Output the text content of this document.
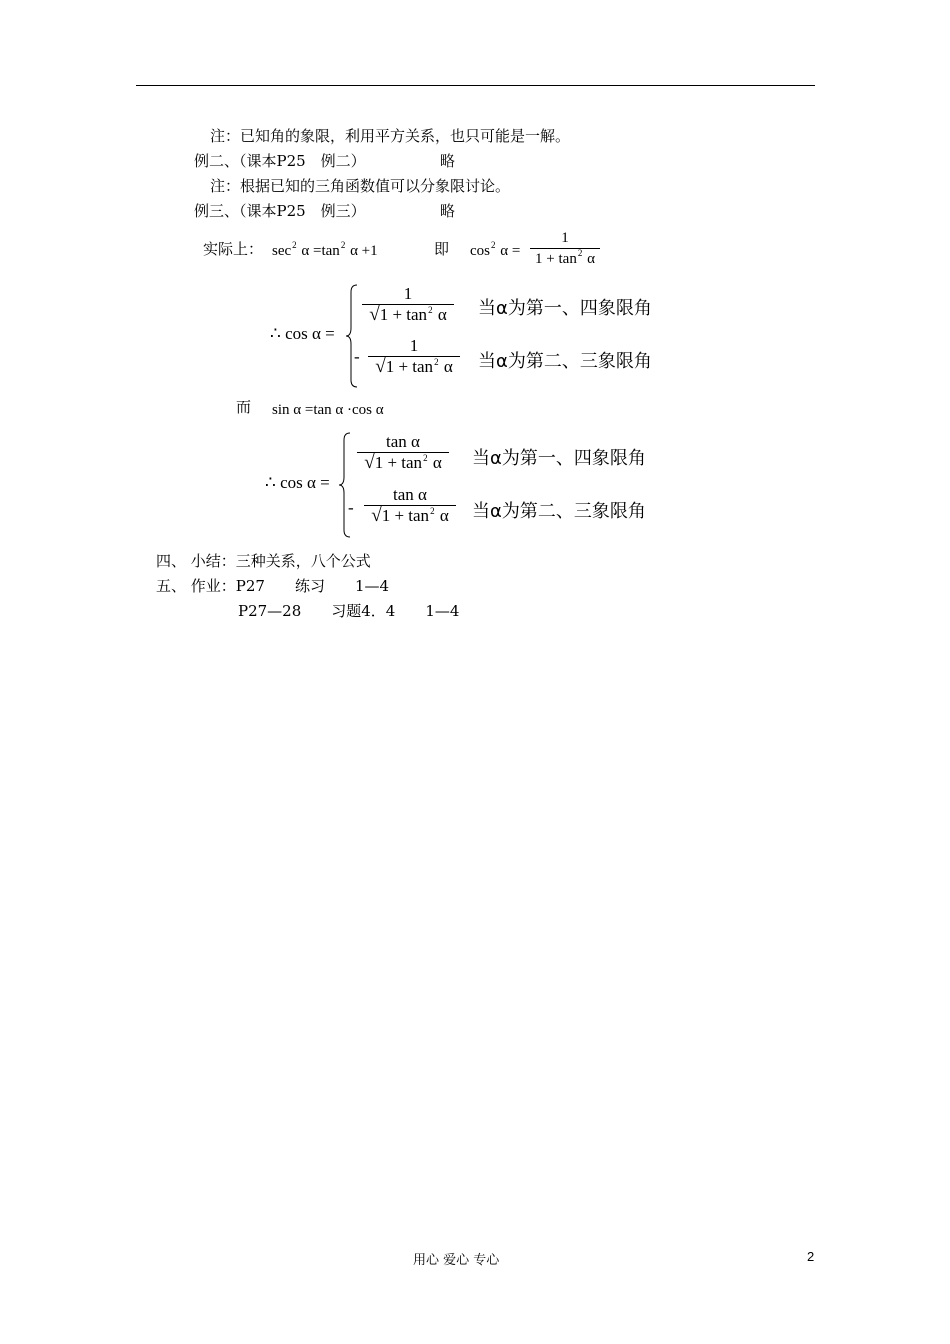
注：已知角的象限，利用平方关系，也只可能是一解。
例二、（课本P25　例二）	略
注：根据已知的三角函数值可以分象限讨论。
例三、（课本P25　例三）	略
实际上： $\sec^2 \alpha =\tan^2$ α +1	即 $\cos^2 \alpha$ =
1
$1 + \tan^2 \alpha$
∴ cos α =
1
$√1 + \tan^2 \alpha$	当α为第一、四象限角
-
1
$√1 + \tan^2 \alpha$	当α为第二、三象限角
而 sin α =tan α ·cos α
∴ cos α =
tan α
$√1 + \tan^2 \alpha$	当α为第一、四象限角
-
tan α
$√1 + \tan^2 \alpha$	当α为第二、三象限角
四、 小结：三种关系，八个公式
五、 作业：P27　　练习　　1—4
P27—28　　习题4．4　　1—4
用心 爱心 专心	2
